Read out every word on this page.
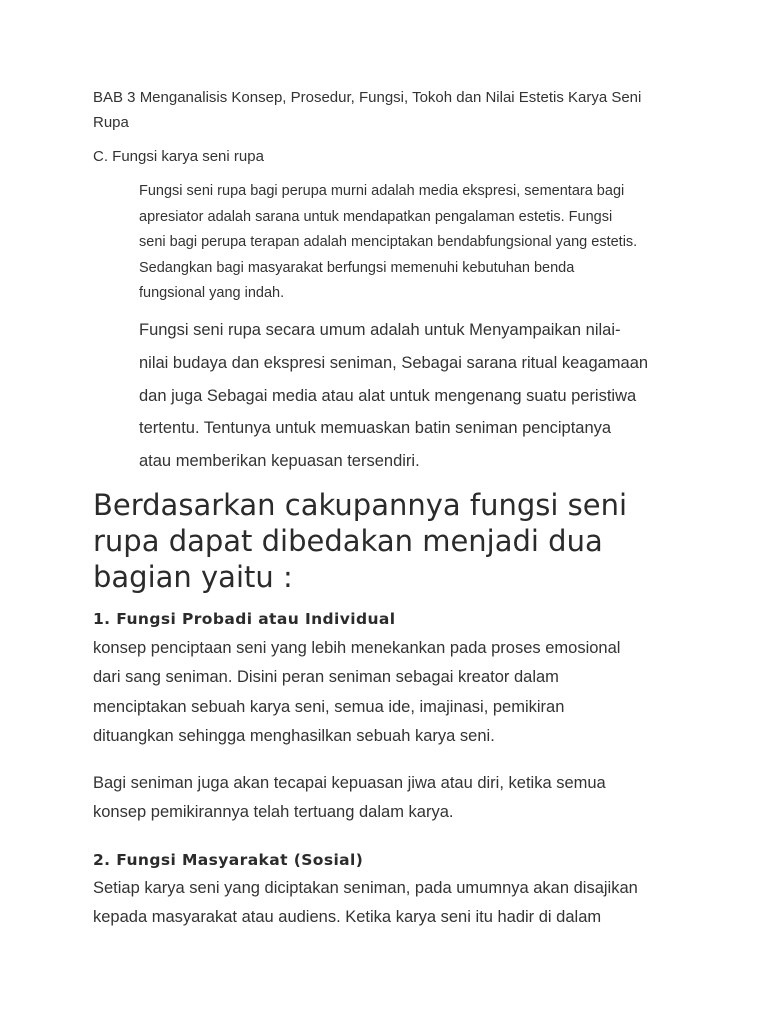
BAB 3 Menganalisis Konsep, Prosedur, Fungsi, Tokoh dan Nilai Estetis Karya Seni
Rupa
C. Fungsi karya seni rupa
Fungsi seni rupa bagi perupa murni adalah media ekspresi, sementara bagi
apresiator adalah sarana untuk mendapatkan pengalaman estetis. Fungsi
seni bagi perupa terapan adalah menciptakan bendabfungsional yang estetis.
Sedangkan bagi masyarakat berfungsi memenuhi kebutuhan benda
fungsional yang indah.
Fungsi seni rupa secara umum adalah untuk Menyampaikan nilai-
nilai budaya dan ekspresi seniman, Sebagai sarana ritual keagamaan
dan juga Sebagai media atau alat untuk mengenang suatu peristiwa
tertentu. Tentunya untuk memuaskan batin seniman penciptanya
atau memberikan kepuasan tersendiri.
Berdasarkan cakupannya fungsi seni
rupa dapat dibedakan menjadi dua
bagian yaitu :
1. Fungsi Probadi atau Individual
konsep penciptaan seni yang lebih menekankan pada proses emosional
dari sang seniman. Disini peran seniman sebagai kreator dalam
menciptakan sebuah karya seni, semua ide, imajinasi, pemikiran
dituangkan sehingga menghasilkan sebuah karya seni.
Bagi seniman juga akan tecapai kepuasan jiwa atau diri, ketika semua
konsep pemikirannya telah tertuang dalam karya.
2. Fungsi Masyarakat (Sosial)
Setiap karya seni yang diciptakan seniman, pada umumnya akan disajikan
kepada masyarakat atau audiens. Ketika karya seni itu hadir di dalam
